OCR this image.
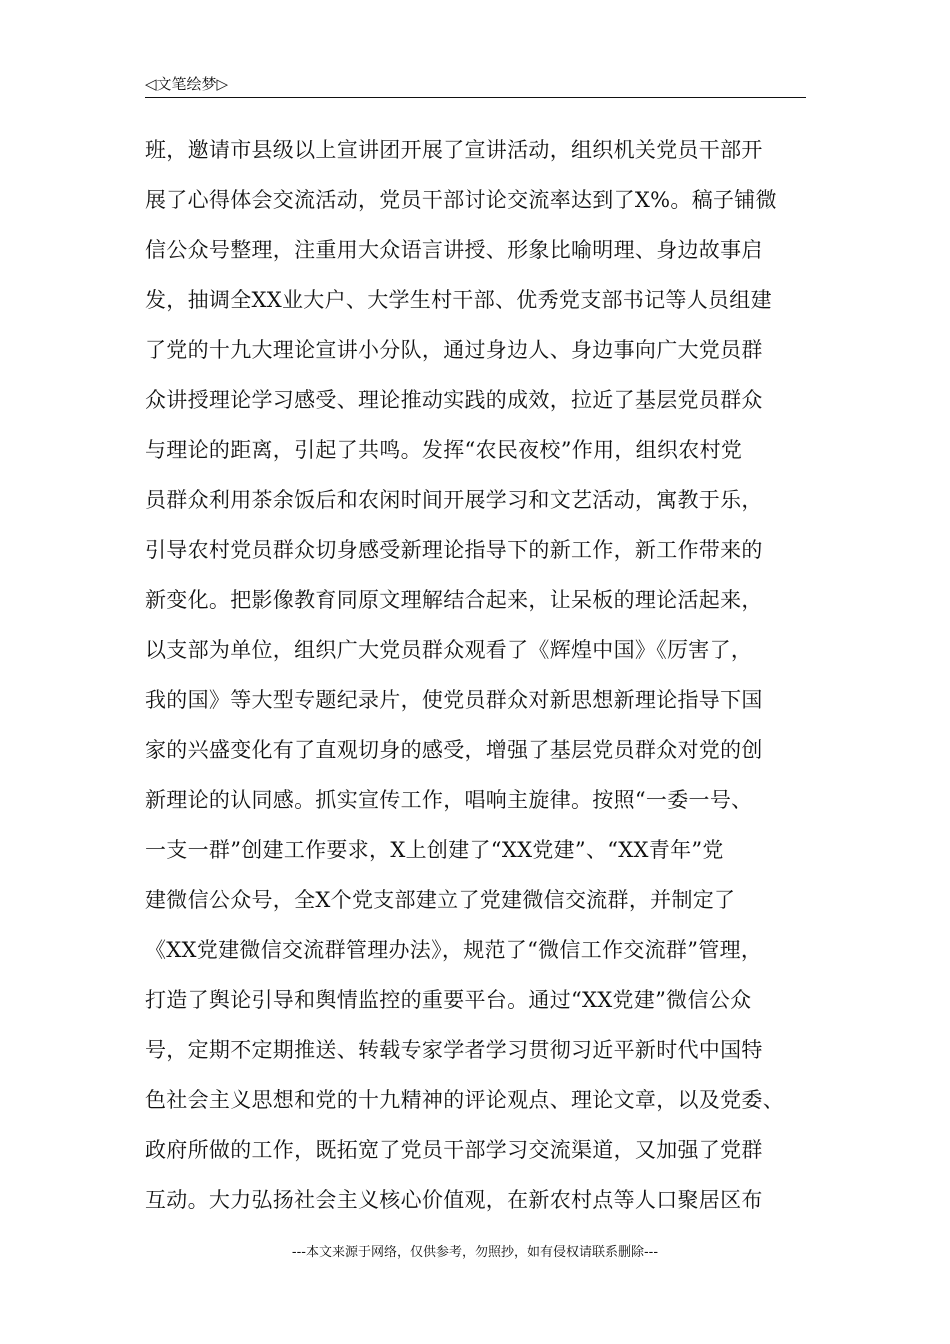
◁文笔绘梦▷
班，邀请市县级以上宣讲团开展了宣讲活动，组织机关党员干部开
展了心得体会交流活动，党员干部讨论交流率达到了X%。稿子铺微
信公众号整理，注重用大众语言讲授、形象比喻明理、身边故事启
发，抽调全XX业大户、大学生村干部、优秀党支部书记等人员组建
了党的十九大理论宣讲小分队，通过身边人、身边事向广大党员群
众讲授理论学习感受、理论推动实践的成效，拉近了基层党员群众
与理论的距离，引起了共鸣。发挥“农民夜校”作用，组织农村党
员群众利用茶余饭后和农闲时间开展学习和文艺活动，寓教于乐，
引导农村党员群众切身感受新理论指导下的新工作，新工作带来的
新变化。把影像教育同原文理解结合起来，让呆板的理论活起来，
以支部为单位，组织广大党员群众观看了《辉煌中国》《厉害了，
我的国》等大型专题纪录片，使党员群众对新思想新理论指导下国
家的兴盛变化有了直观切身的感受，增强了基层党员群众对党的创
新理论的认同感。抓实宣传工作，唱响主旋律。按照“一委一号、
一支一群”创建工作要求，X上创建了“XX党建”、“XX青年”党
建微信公众号，全X个党支部建立了党建微信交流群，并制定了
《XX党建微信交流群管理办法》，规范了“微信工作交流群”管理，
打造了舆论引导和舆情监控的重要平台。通过“XX党建”微信公众
号，定期不定期推送、转载专家学者学习贯彻习近平新时代中国特
色社会主义思想和党的十九精神的评论观点、理论文章，以及党委、
政府所做的工作，既拓宽了党员干部学习交流渠道，又加强了党群
互动。大力弘扬社会主义核心价值观，在新农村点等人口聚居区布
---本文来源于网络，仅供参考，勿照抄，如有侵权请联系删除---
